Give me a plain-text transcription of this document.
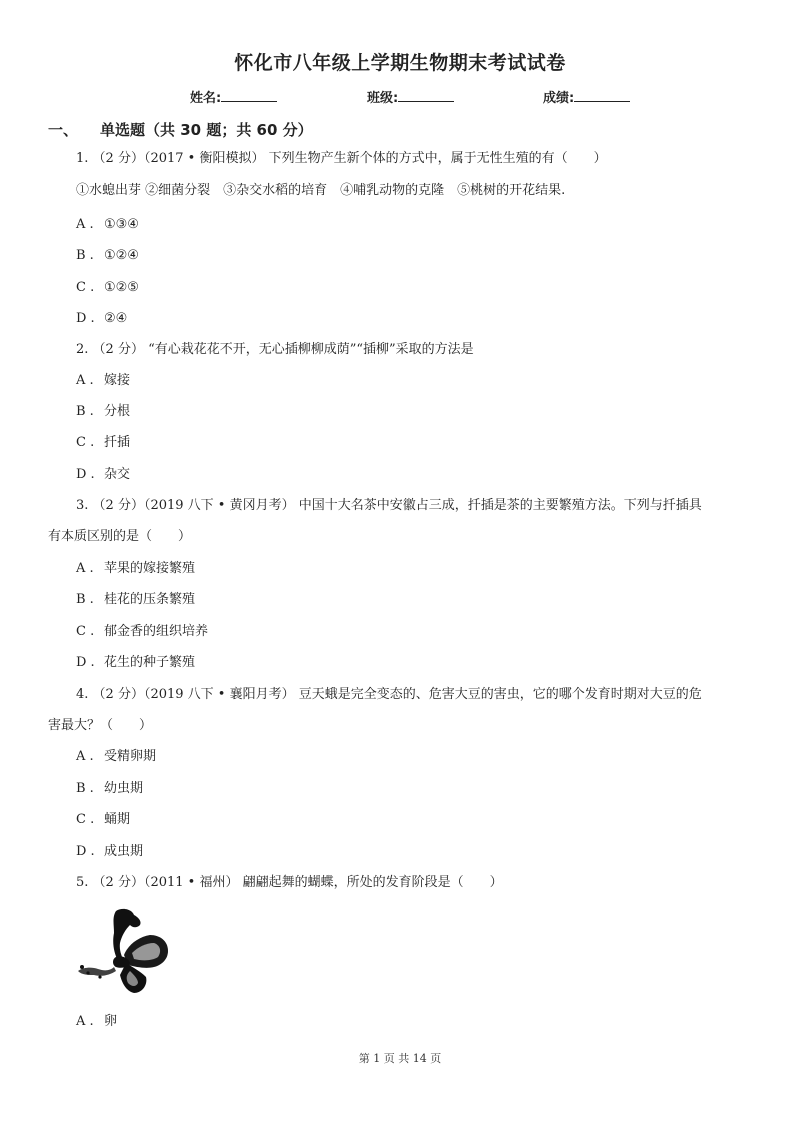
怀化市八年级上学期生物期末考试试卷
姓名:	班级:	成绩:
一、 单选题（共 30 题；共 60 分）
1. （2 分）（2017 • 衡阳模拟） 下列生物产生新个体的方式中，属于无性生殖的有（　　）
①水螅出芽 ②细菌分裂　③杂交水稻的培育　④哺乳动物的克隆　⑤桃树的开花结果.
A . ①③④
B . ①②④
C . ①②⑤
D . ②④
2. （2 分） “有心栽花花不开，无心插柳柳成荫”“插柳”采取的方法是
A . 嫁接
B . 分根
C . 扦插
D . 杂交
3. （2 分）（2019 八下 • 黄冈月考） 中国十大名茶中安徽占三成，扦插是茶的主要繁殖方法。下列与扦插具
有本质区别的是（　　）
A . 苹果的嫁接繁殖
B . 桂花的压条繁殖
C . 郁金香的组织培养
D . 花生的种子繁殖
4. （2 分）（2019 八下 • 襄阳月考） 豆天蛾是完全变态的、危害大豆的害虫，它的哪个发育时期对大豆的危
害最大？（　　）
A . 受精卵期
B . 幼虫期
C . 蛹期
D . 成虫期
5. （2 分）（2011 • 福州） 翩翩起舞的蝴蝶，所处的发育阶段是（　　）
A . 卵
第 1 页 共 14 页
